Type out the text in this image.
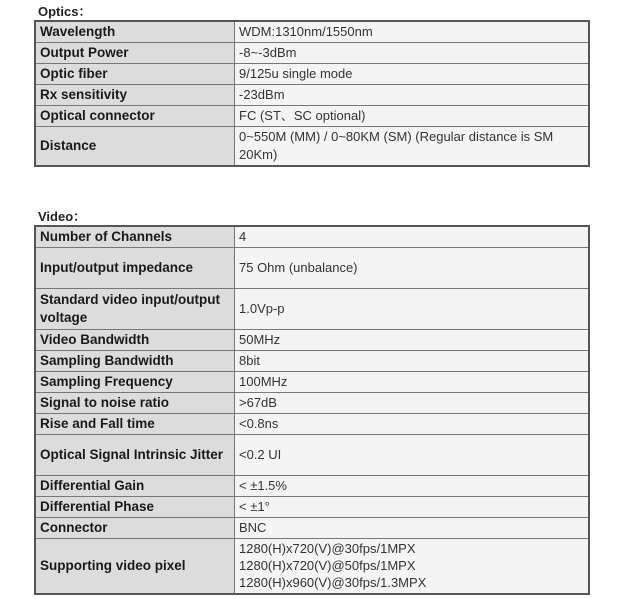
Optics：
Wavelength	WDM:1310nm/1550nm
Output Power	-8~-3dBm
Optic fiber	9/125u single mode
Rx sensitivity	-23dBm
Optical connector	FC (ST、SC optional)
Distance	0~550M (MM) / 0~80KM (SM) (Regular distance is SM 20Km)
Video：
Number of Channels	4
Input/output impedance	75 Ohm (unbalance)
Standard video input/output voltage	1.0Vp-p
Video Bandwidth	50MHz
Sampling Bandwidth	8bit
Sampling Frequency	100MHz
Signal to noise ratio	>67dB
Rise and Fall time	<0.8ns
Optical Signal Intrinsic Jitter	<0.2 UI
Differential Gain	< ±1.5%
Differential Phase	< ±1°
Connector	BNC
Supporting video pixel	1280(H)x720(V)@30fps/1MPX
1280(H)x720(V)@50fps/1MPX
1280(H)x960(V)@30fps/1.3MPX
